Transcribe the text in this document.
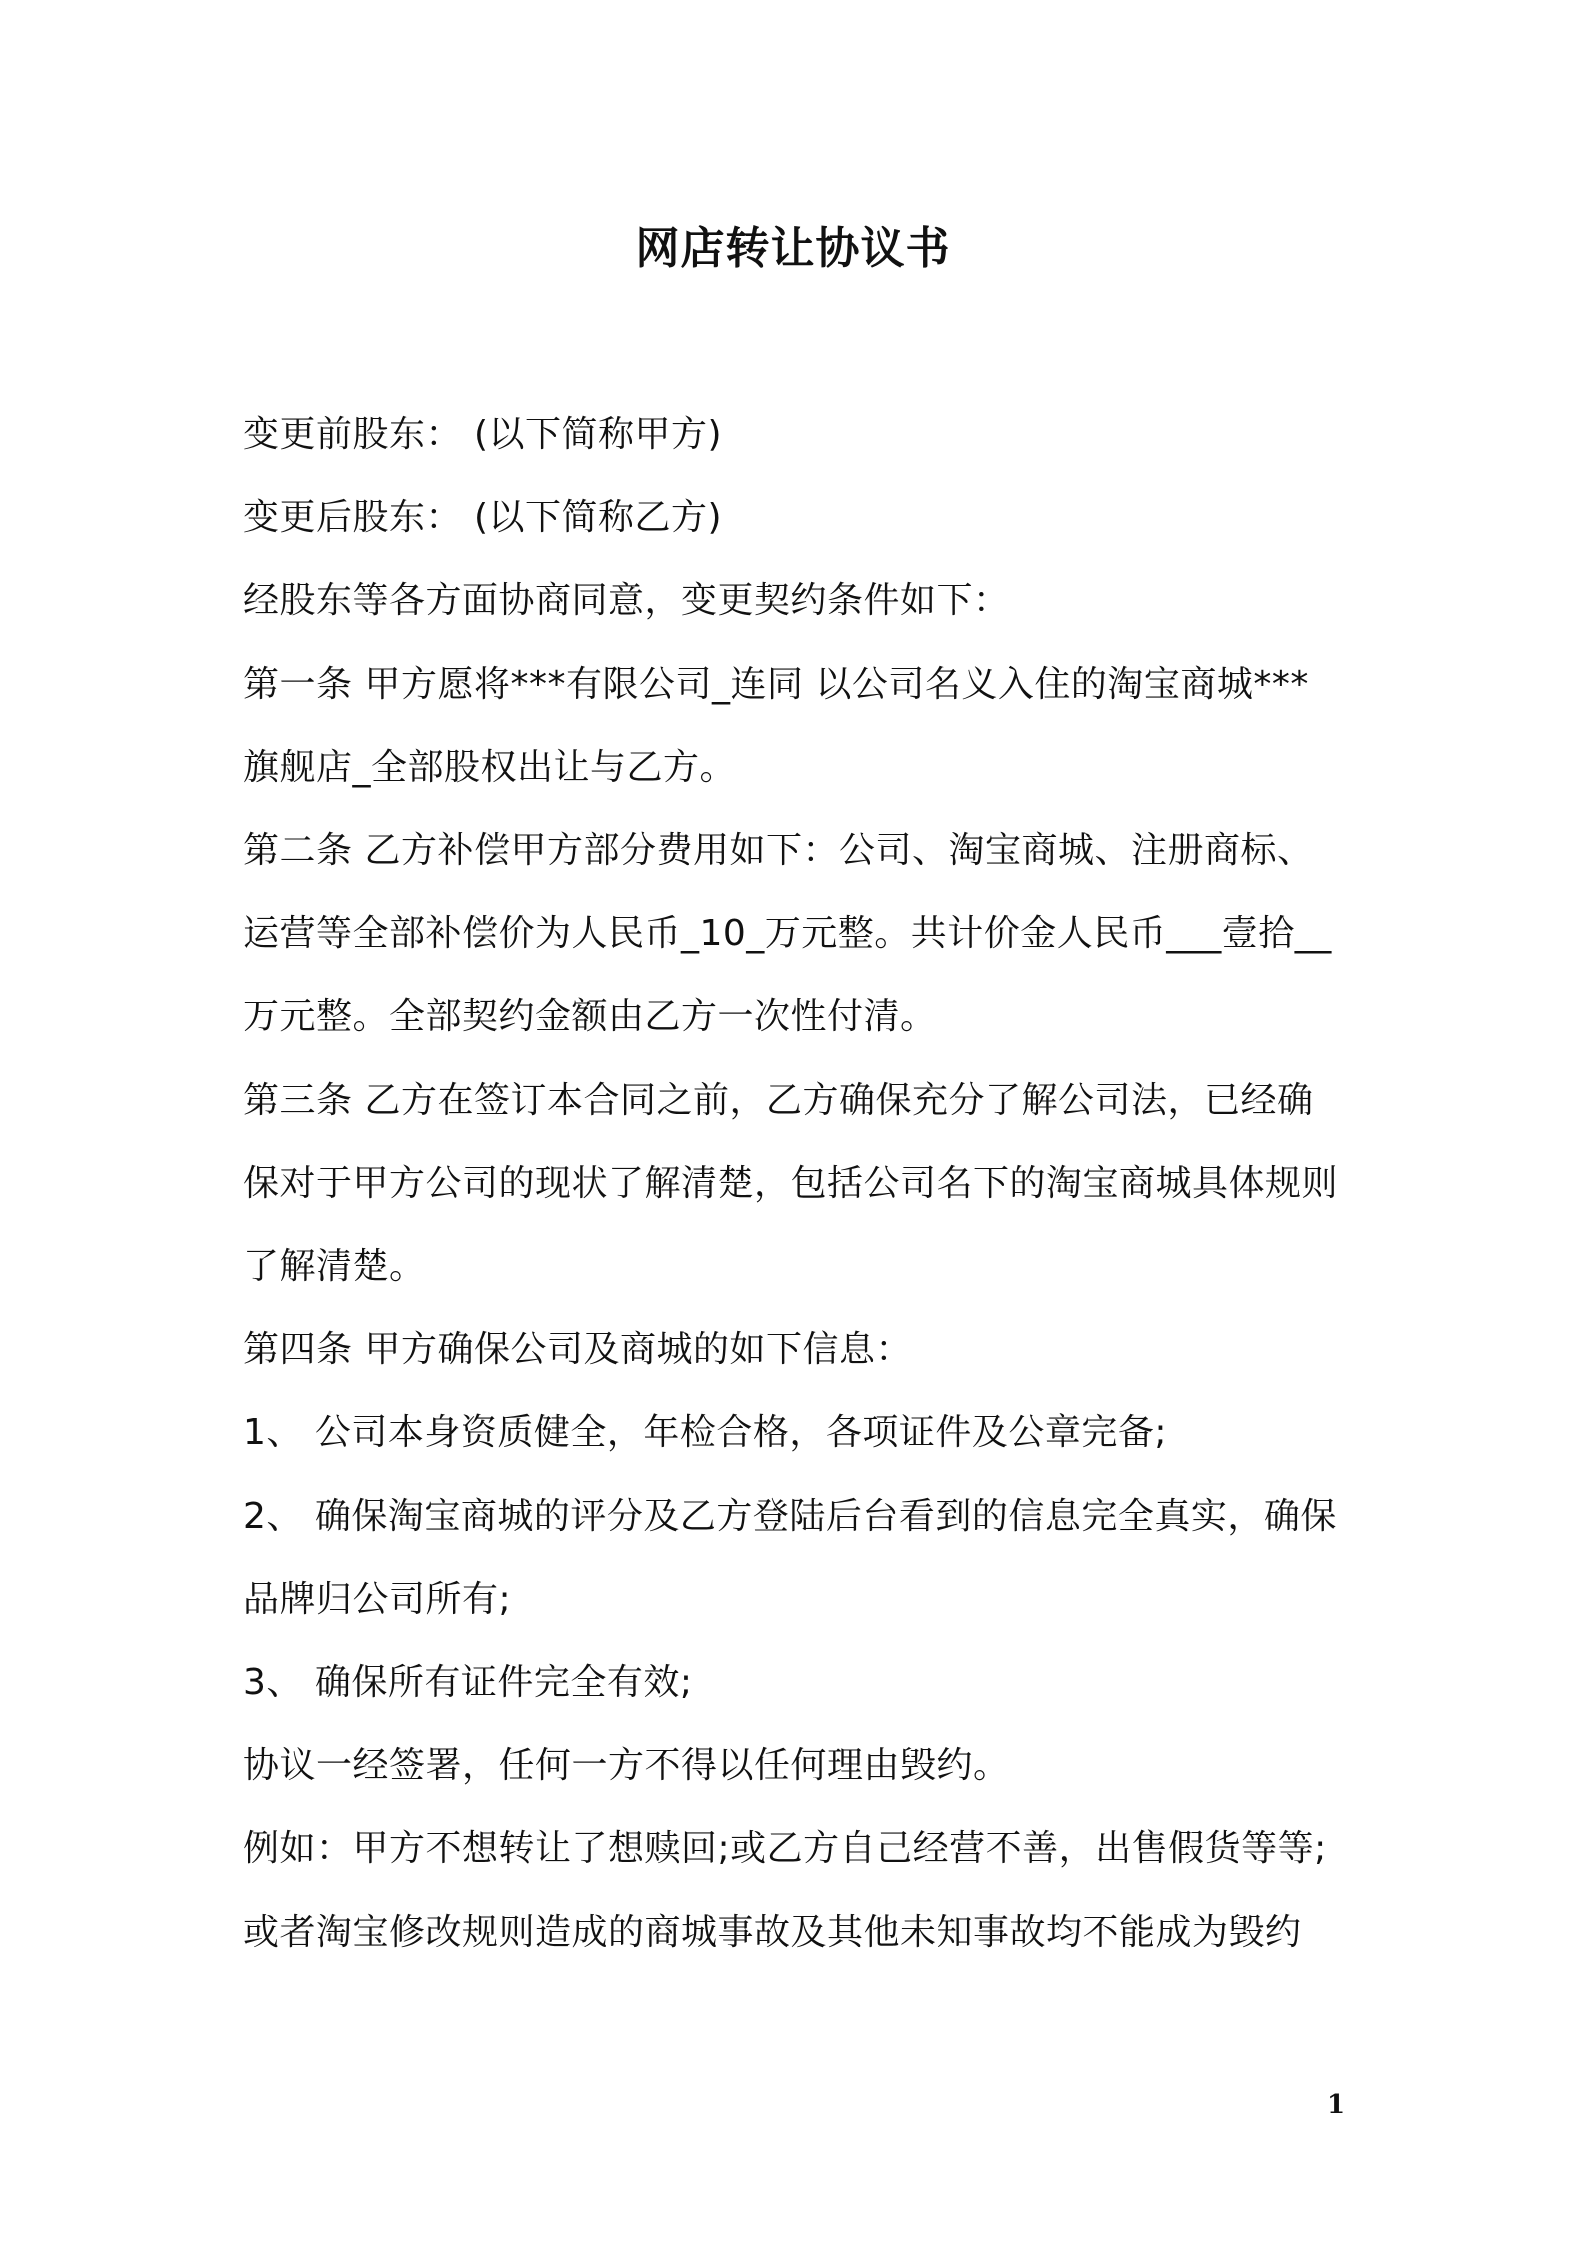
网店转让协议书
变更前股东： (以下简称甲方)
变更后股东： (以下简称乙方)
经股东等各方面协商同意，变更契约条件如下：
第一条 甲方愿将***有限公司_连同 以公司名义入住的淘宝商城***
旗舰店_全部股权出让与乙方。
第二条 乙方补偿甲方部分费用如下：公司、淘宝商城、注册商标、
运营等全部补偿价为人民币_10_万元整。共计价金人民币___壹拾__
万元整。全部契约金额由乙方一次性付清。
第三条 乙方在签订本合同之前，乙方确保充分了解公司法，已经确
保对于甲方公司的现状了解清楚，包括公司名下的淘宝商城具体规则
了解清楚。
第四条 甲方确保公司及商城的如下信息：
1、 公司本身资质健全，年检合格，各项证件及公章完备;
2、 确保淘宝商城的评分及乙方登陆后台看到的信息完全真实，确保
品牌归公司所有;
3、 确保所有证件完全有效;
协议一经签署，任何一方不得以任何理由毁约。
例如：甲方不想转让了想赎回;或乙方自己经营不善，出售假货等等;
或者淘宝修改规则造成的商城事故及其他未知事故均不能成为毁约
1
